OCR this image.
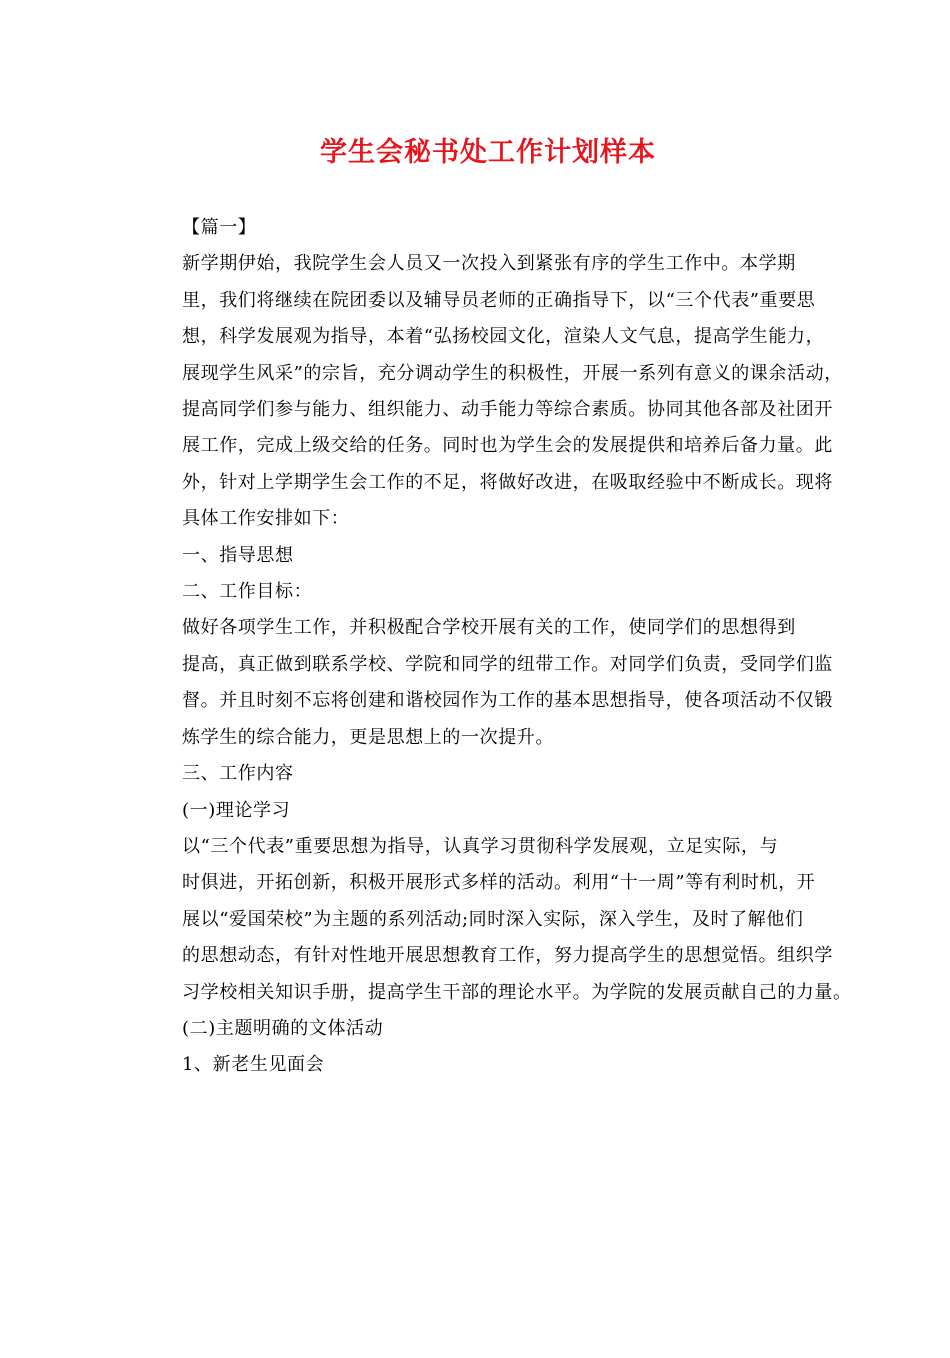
学生会秘书处工作计划样本

【篇一】

新学期伊始，我院学生会人员又一次投入到紧张有序的学生工作中。本学期
里，我们将继续在院团委以及辅导员老师的正确指导下，以“三个代表”重要思
想，科学发展观为指导，本着“弘扬校园文化，渲染人文气息，提高学生能力，
展现学生风采”的宗旨，充分调动学生的积极性，开展一系列有意义的课余活动，
提高同学们参与能力、组织能力、动手能力等综合素质。协同其他各部及社团开
展工作，完成上级交给的任务。同时也为学生会的发展提供和培养后备力量。此
外，针对上学期学生会工作的不足，将做好改进，在吸取经验中不断成长。现将
具体工作安排如下：

一、指导思想

二、工作目标：

做好各项学生工作，并积极配合学校开展有关的工作，使同学们的思想得到
提高，真正做到联系学校、学院和同学的纽带工作。对同学们负责，受同学们监
督。并且时刻不忘将创建和谐校园作为工作的基本思想指导，使各项活动不仅锻
炼学生的综合能力，更是思想上的一次提升。

三、工作内容

(一)理论学习

以“三个代表”重要思想为指导，认真学习贯彻科学发展观，立足实际，与
时俱进，开拓创新，积极开展形式多样的活动。利用“十一周”等有利时机，开
展以“爱国荣校”为主题的系列活动;同时深入实际，深入学生，及时了解他们
的思想动态，有针对性地开展思想教育工作，努力提高学生的思想觉悟。组织学
习学校相关知识手册，提高学生干部的理论水平。为学院的发展贡献自己的力量。

(二)主题明确的文体活动

1、新老生见面会
